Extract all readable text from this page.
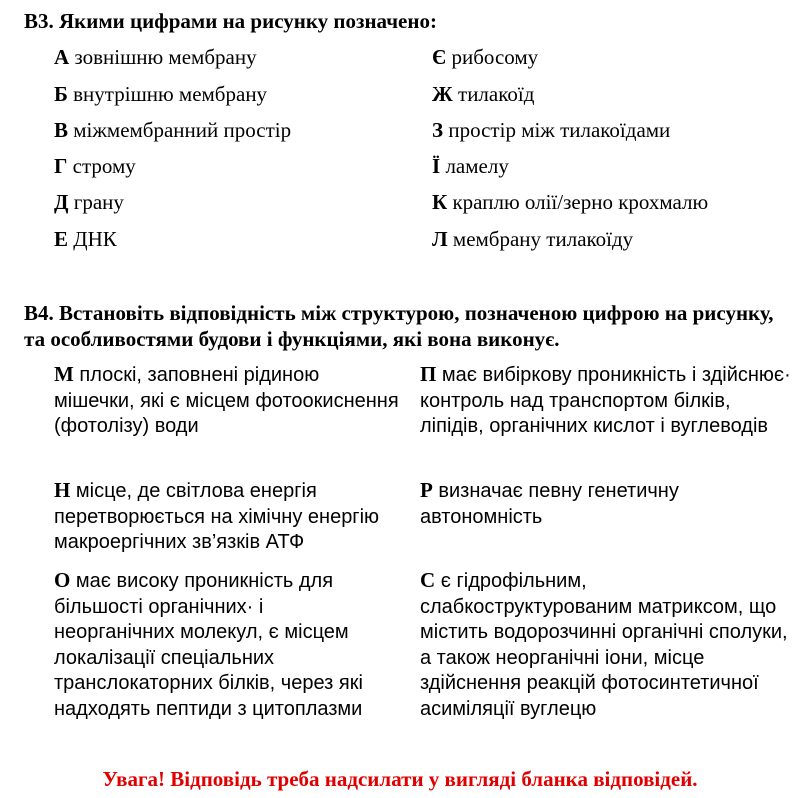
B3. Якими цифрами на рисунку позначено:
А зовнішню мембрану
Б внутрішню мембрану
В міжмембранний простір
Г строму
Д грану
Е ДНК
Є рибосому
Ж тилакоїд
З простір між тилакоїдами
Ї ламелу
К краплю олії/зерно крохмалю
Л мембрану тилакоїду
B4. Встановіть відповідність між структурою, позначеною цифрою на рисунку, та особливостями будови і функціями, які вона виконує.
М плоскі, заповнені рідиною мішечки, які є місцем фотоокиснення (фотолізу) води
Н місце, де світлова енергія перетворюється на хімічну енергію макроергічних зв’язків АТФ
О має високу проникність для більшості органічних· і неорганічних молекул, є місцем локалізації спеціальних транслокаторних білків, через які надходять пептиди з цитоплазми
П має вибіркову проникність і здійснює· контроль над транспортом білків, ліпідів, органічних кислот і вуглеводів
Р визначає певну генетичну автономність
С є гідрофільним, слабкоструктурованим матриксом, що містить водорозчинні органічні сполуки, а також неорганічні іони, місце здійснення реакцій фотосинтетичної асиміляції вуглецю
Увага! Відповідь треба надсилати у вигляді бланка відповідей.
